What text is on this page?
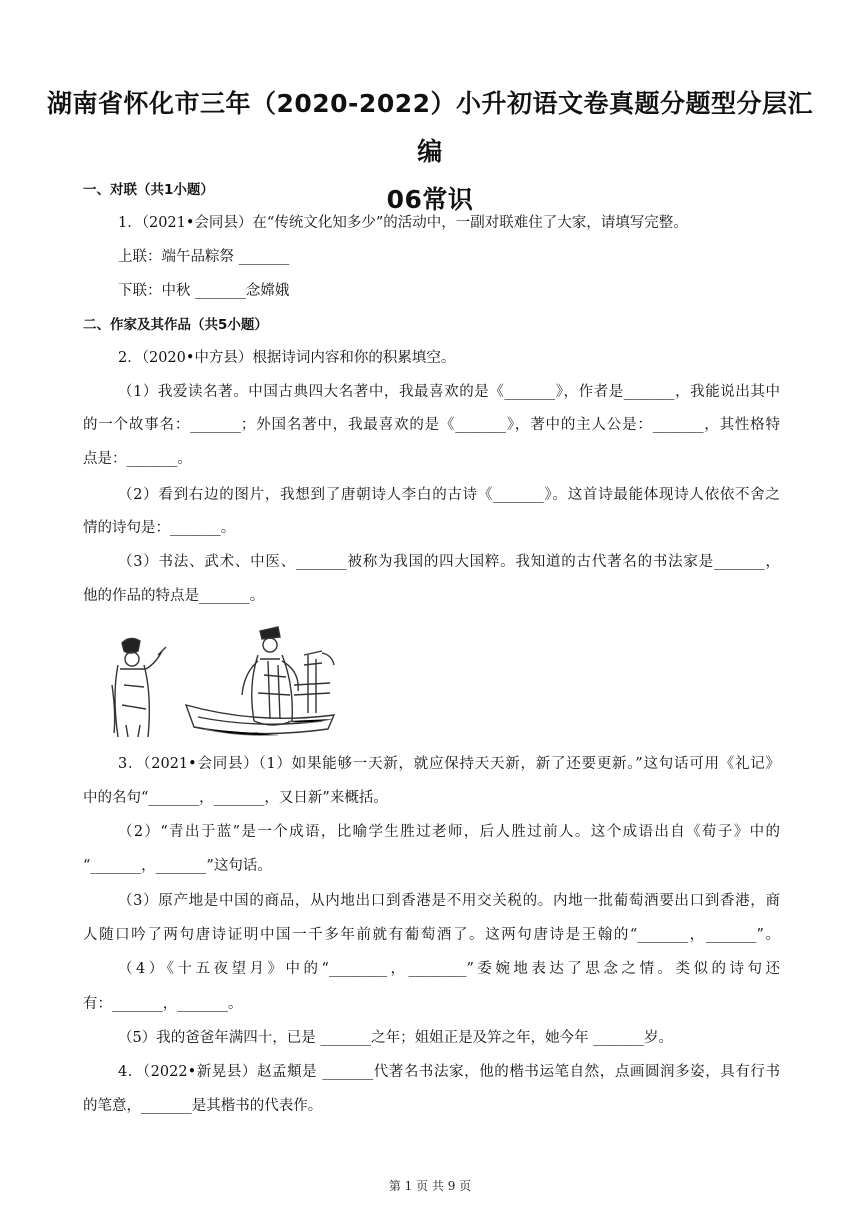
湖南省怀化市三年（2020-2022）小升初语文卷真题分题型分层汇编
06常识
一、对联（共1小题）
1．（2021•会同县）在“传统文化知多少”的活动中，一副对联难住了大家，请填写完整。
上联：端午品粽祭 _______
下联：中秋 _______念嫦娥
二、作家及其作品（共5小题）
2．（2020•中方县）根据诗词内容和你的积累填空。
（1）我爱读名著。中国古典四大名著中，我最喜欢的是《_______》，作者是_______，我能说出其中
的一个故事名：_______；外国名著中，我最喜欢的是《_______》，著中的主人公是：_______，其性格特
点是：_______。
（2）看到右边的图片，我想到了唐朝诗人李白的古诗《_______》。这首诗最能体现诗人依依不舍之
情的诗句是：_______。
（3）书法、武术、中医、_______被称为我国的四大国粹。我知道的古代著名的书法家是_______，
他的作品的特点是_______。
3．（2021•会同县）（1）如果能够一天新，就应保持天天新，新了还要更新。”这句话可用《礼记》
中的名句“_______，_______，又日新”来概括。
（2）“青出于蓝”是一个成语，比喻学生胜过老师，后人胜过前人。这个成语出自《荀子》中的
“_______，_______”这句话。
（3）原产地是中国的商品，从内地出口到香港是不用交关税的。内地一批葡萄酒要出口到香港，商
人随口吟了两句唐诗证明中国一千多年前就有葡萄酒了。这两句唐诗是王翰的“_______，_______”。
（4）《十五夜望月》中的“________，________”委婉地表达了思念之情。类似的诗句还
有：_______，_______。
（5）我的爸爸年满四十，已是 _______之年；姐姐正是及笄之年，她今年 _______岁。
4．（2022•新晃县）赵孟頫是 _______代著名书法家，他的楷书运笔自然，点画圆润多姿，具有行书
的笔意，_______是其楷书的代表作。
第 1 页 共 9 页
